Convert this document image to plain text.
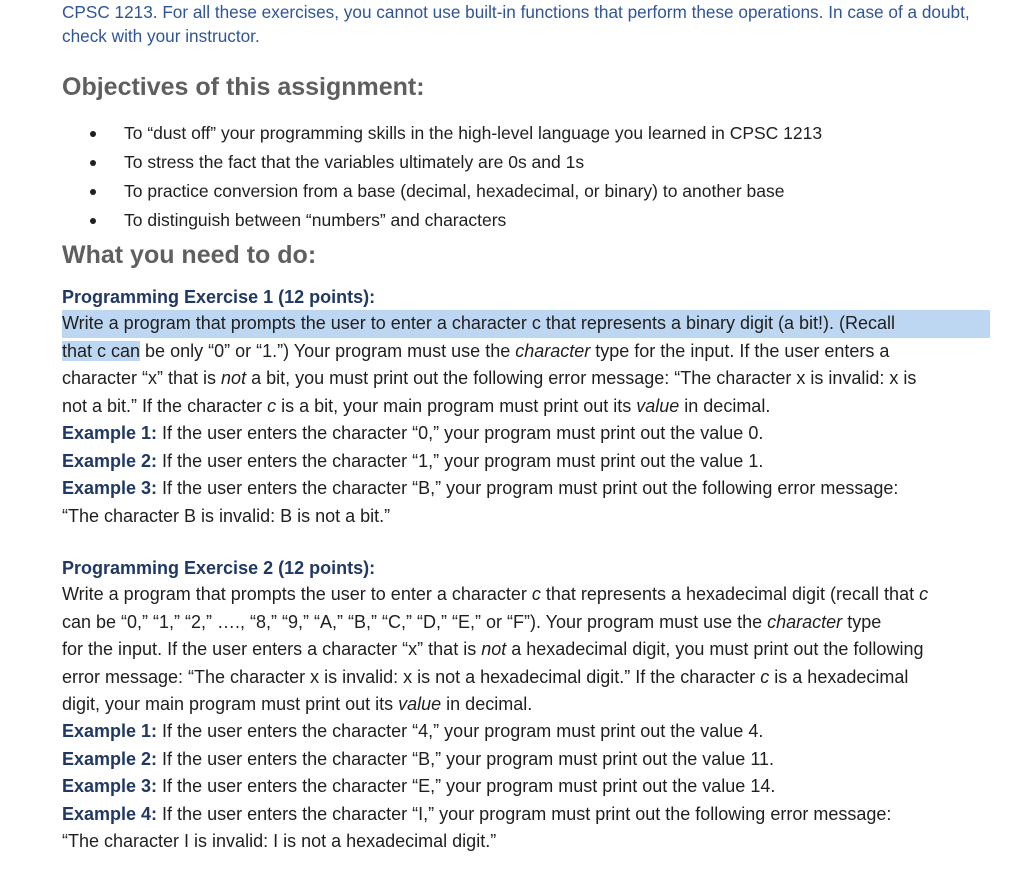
CPSC 1213. For all these exercises, you cannot use built-in functions that perform these operations. In case of a doubt, check with your instructor.
Objectives of this assignment:
To “dust off” your programming skills in the high-level language you learned in CPSC 1213
To stress the fact that the variables ultimately are 0s and 1s
To practice conversion from a base (decimal, hexadecimal, or binary) to another base
To distinguish between “numbers” and characters
What you need to do:
Programming Exercise 1 (12 points):
Write a program that prompts the user to enter a character c that represents a binary digit (a bit!). (Recall
that c can be only “0” or “1.”) Your program must use the character type for the input. If the user enters a
character “x” that is not a bit, you must print out the following error message: “The character x is invalid: x is
not a bit.” If the character c is a bit, your main program must print out its value in decimal.
Example 1: If the user enters the character “0,” your program must print out the value 0.
Example 2: If the user enters the character “1,” your program must print out the value 1.
Example 3: If the user enters the character “B,” your program must print out the following error message:
“The character B is invalid: B is not a bit.”
Programming Exercise 2 (12 points):
Write a program that prompts the user to enter a character c that represents a hexadecimal digit (recall that c
can be “0,” “1,” “2,” …., “8,” “9,” “A,” “B,” “C,” “D,” “E,” or “F”). Your program must use the character type
for the input. If the user enters a character “x” that is not a hexadecimal digit, you must print out the following
error message: “The character x is invalid: x is not a hexadecimal digit.” If the character c is a hexadecimal
digit, your main program must print out its value in decimal.
Example 1: If the user enters the character “4,” your program must print out the value 4.
Example 2: If the user enters the character “B,” your program must print out the value 11.
Example 3: If the user enters the character “E,” your program must print out the value 14.
Example 4: If the user enters the character “I,” your program must print out the following error message:
“The character I is invalid: I is not a hexadecimal digit.”
